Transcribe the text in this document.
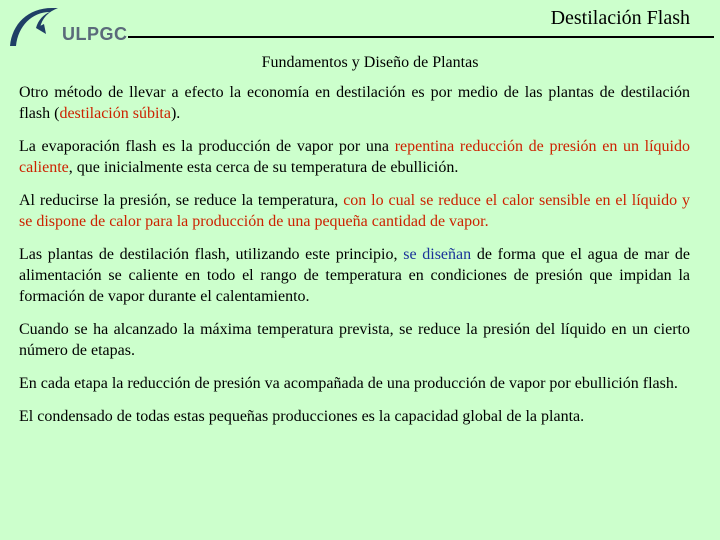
ULPGC
Destilación Flash
Fundamentos y Diseño de Plantas

Otro método de llevar a efecto la economía en destilación es por medio de las plantas de destilación flash (destilación súbita).

La evaporación flash es la producción de vapor por una repentina reducción de presión en un líquido caliente, que inicialmente esta cerca de su temperatura de ebullición.

Al reducirse la presión, se reduce la temperatura, con lo cual se reduce el calor sensible en el líquido y se dispone de calor para la producción de una pequeña cantidad de vapor.

Las plantas de destilación flash, utilizando este principio, se diseñan de forma que el agua de mar de alimentación se caliente en todo el rango de temperatura en condiciones de presión que impidan la formación de vapor durante el calentamiento.

Cuando se ha alcanzado la máxima temperatura prevista, se reduce la presión del líquido en un cierto número de etapas.

En cada etapa la reducción de presión va acompañada de una producción de vapor por ebullición flash.

El condensado de todas estas pequeñas producciones es la capacidad global de la planta.
